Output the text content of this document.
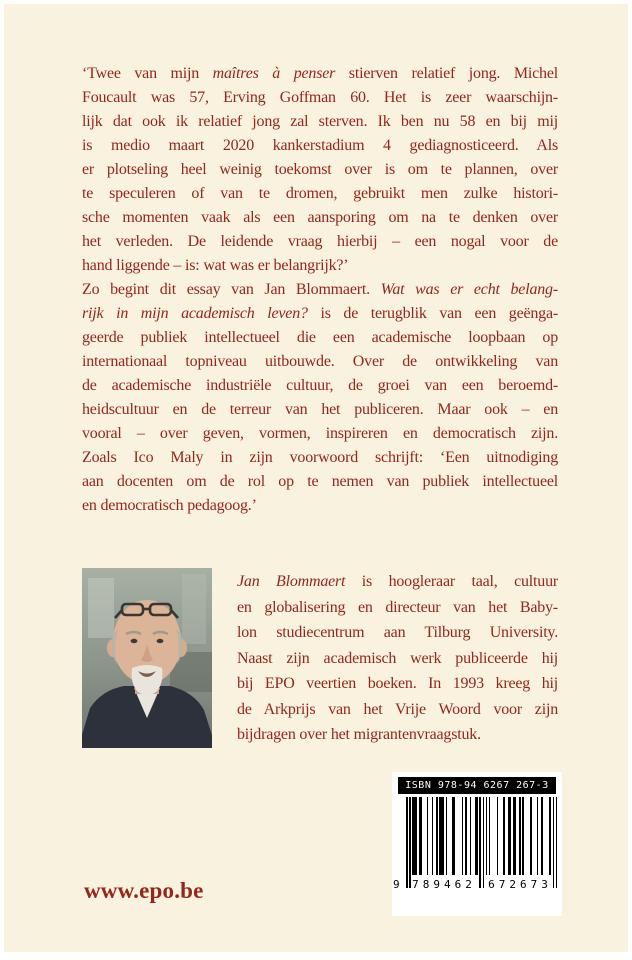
‘Twee van mijn maîtres à penser stierven relatief jong. Michel
Foucault was 57, Erving Goffman 60. Het is zeer waarschijn-
lijk dat ook ik relatief jong zal sterven. Ik ben nu 58 en bij mij
is medio maart 2020 kankerstadium 4 gediagnosticeerd. Als
er plotseling heel weinig toekomst over is om te plannen, over
te speculeren of van te dromen, gebruikt men zulke histori-
sche momenten vaak als een aansporing om na te denken over
het verleden. De leidende vraag hierbij – een nogal voor de
hand liggende – is: wat was er belangrijk?’
Zo begint dit essay van Jan Blommaert. Wat was er echt belang-
rijk in mijn academisch leven? is de terugblik van een geënga-
geerde publiek intellectueel die een academische loopbaan op
internationaal topniveau uitbouwde. Over de ontwikkeling van
de academische industriële cultuur, de groei van een beroemd-
heidscultuur en de terreur van het publiceren. Maar ook – en
vooral – over geven, vormen, inspireren en democratisch zijn.
Zoals Ico Maly in zijn voorwoord schrijft: ‘Een uitnodiging
aan docenten om de rol op te nemen van publiek intellectueel
en democratisch pedagoog.’
Jan Blommaert is hoogleraar taal, cultuur
en globalisering en directeur van het Baby-
lon studiecentrum aan Tilburg University.
Naast zijn academisch werk publiceerde hij
bij EPO veertien boeken. In 1993 kreeg hij
de Arkprijs van het Vrije Woord voor zijn
bijdragen over het migrantenvraagstuk.
www.epo.be
ISBN 978-94 6267 267-3
9 789462 672673
